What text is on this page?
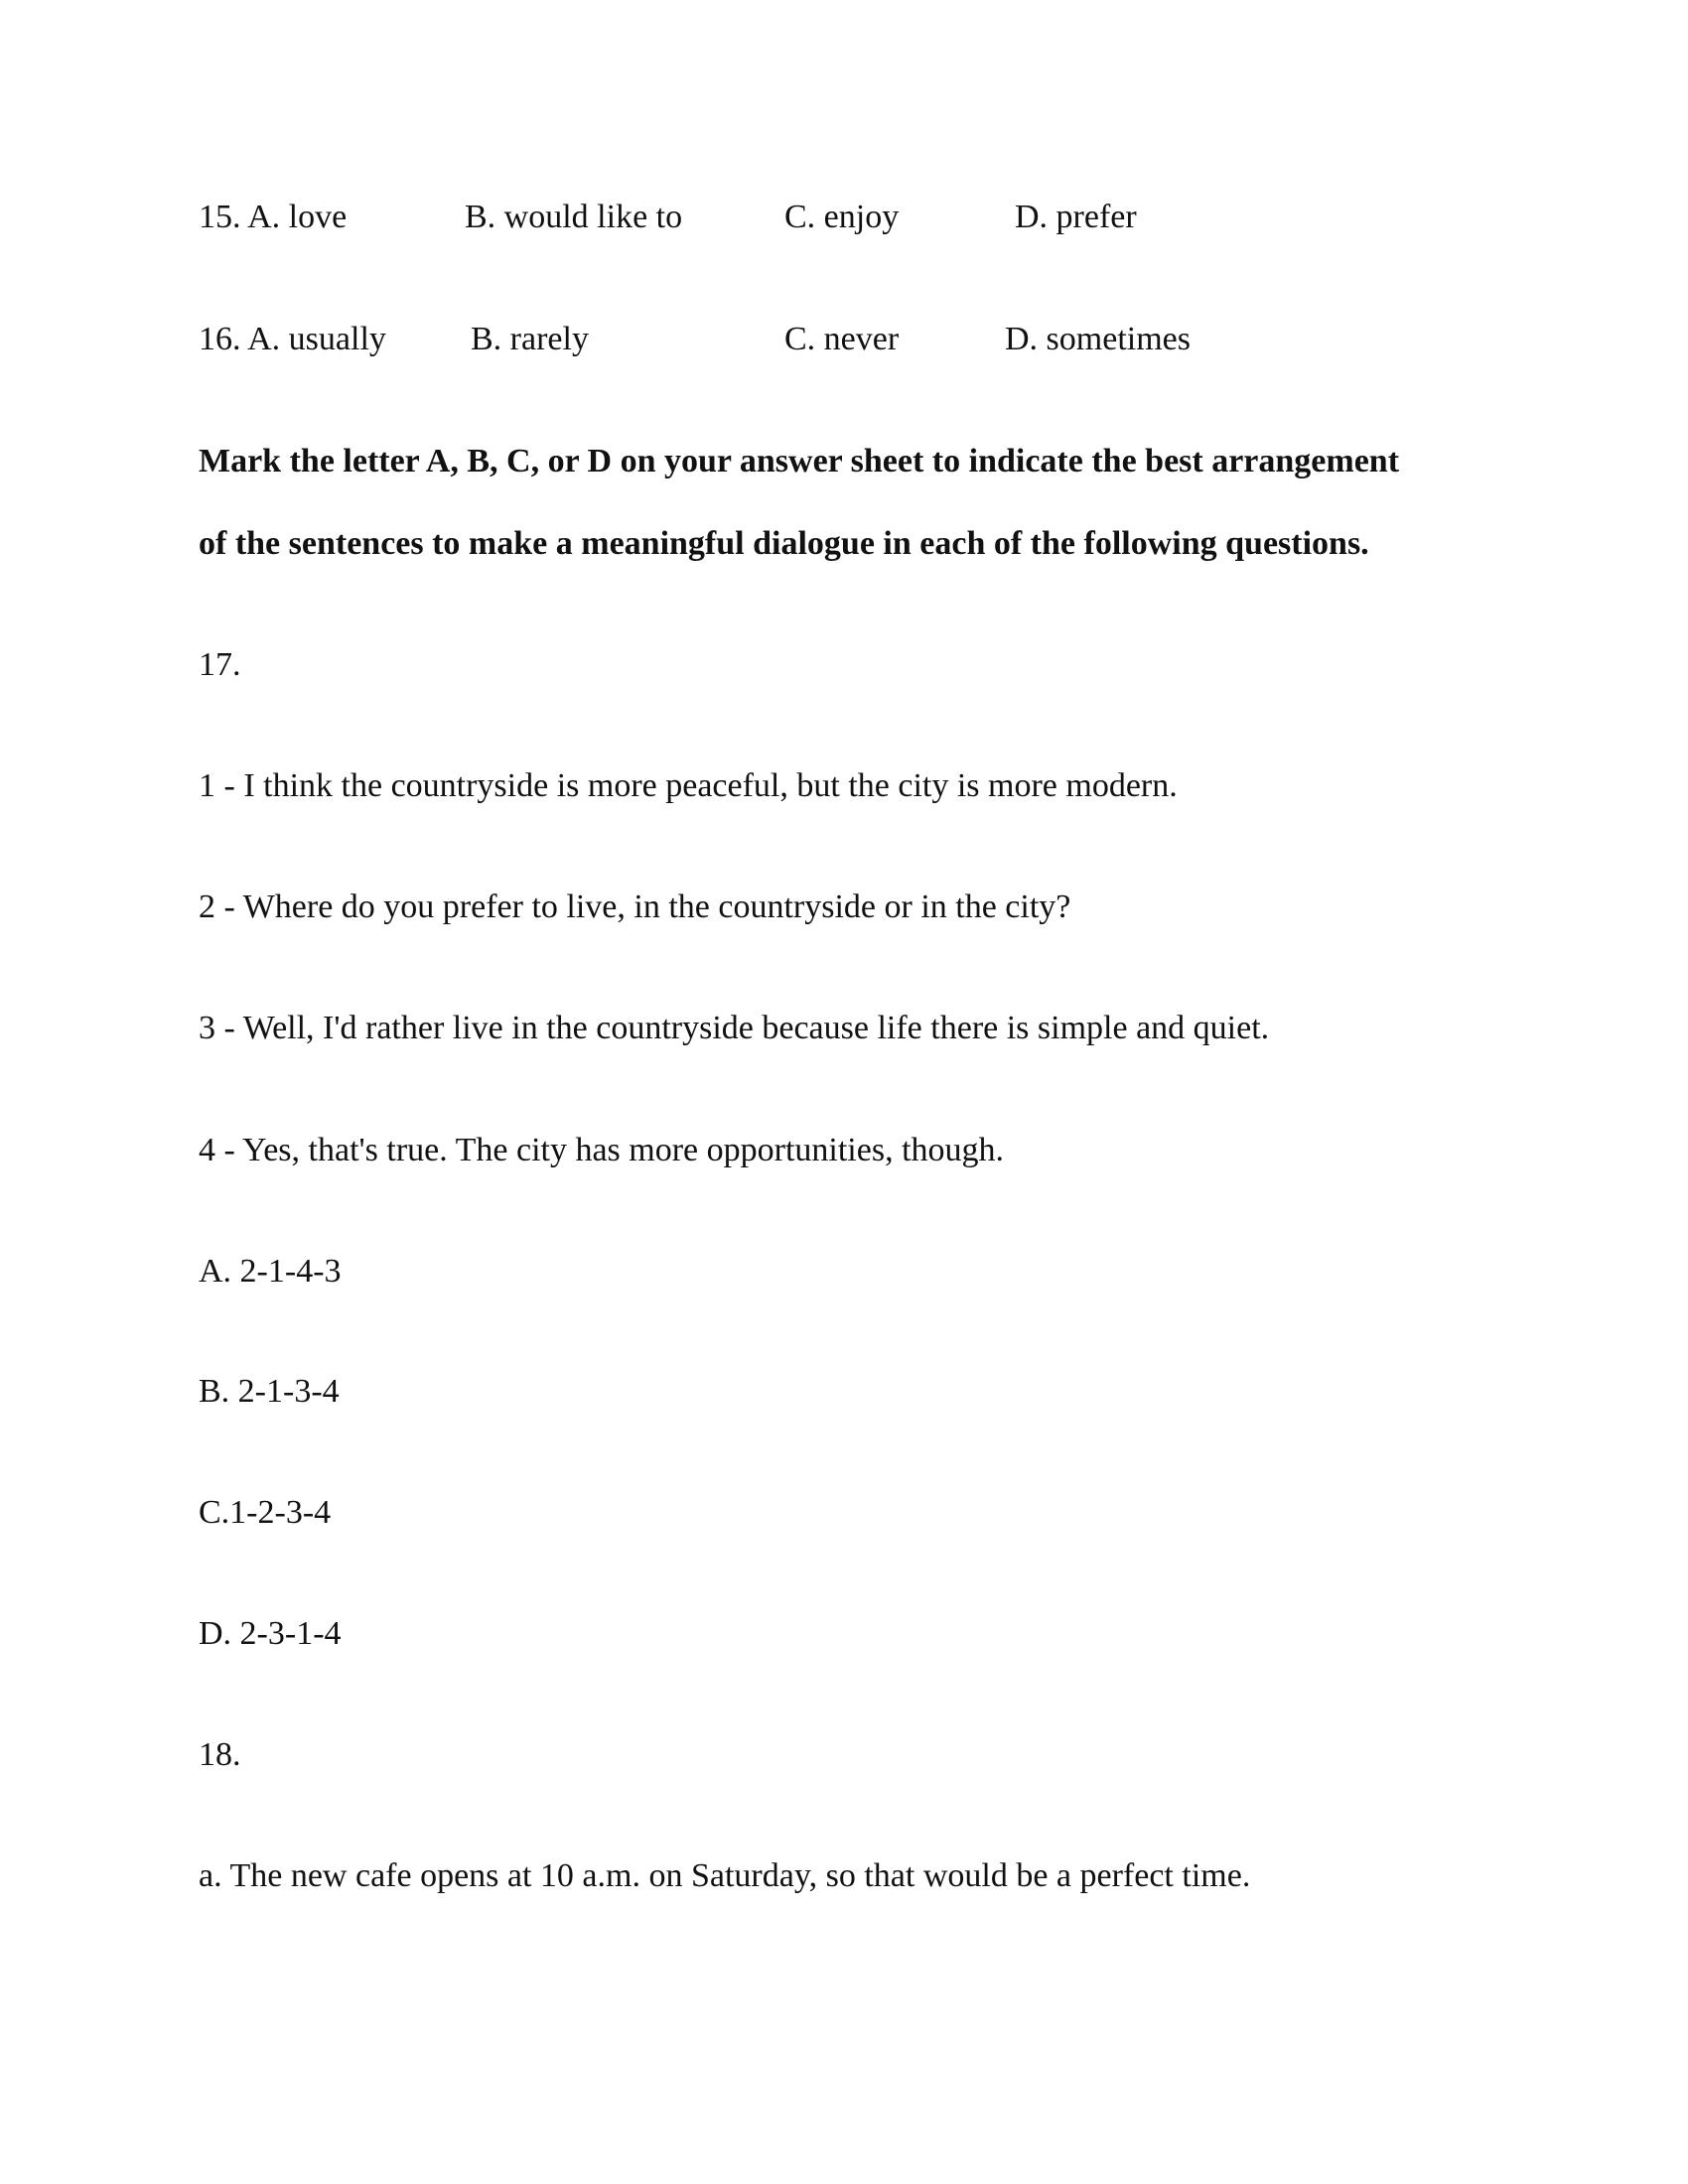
15. A. love	B. would like to	C. enjoy	D. prefer
16. A. usually	B. rarely	C. never	D. sometimes
Mark the letter A, B, C, or D on your answer sheet to indicate the best arrangement
of the sentences to make a meaningful dialogue in each of the following questions.
17.
1 - I think the countryside is more peaceful, but the city is more modern.
2 - Where do you prefer to live, in the countryside or in the city?
3 - Well, I'd rather live in the countryside because life there is simple and quiet.
4 - Yes, that's true. The city has more opportunities, though.
A. 2-1-4-3
B. 2-1-3-4
C.1-2-3-4
D. 2-3-1-4
18.
a. The new cafe opens at 10 a.m. on Saturday, so that would be a perfect time.
